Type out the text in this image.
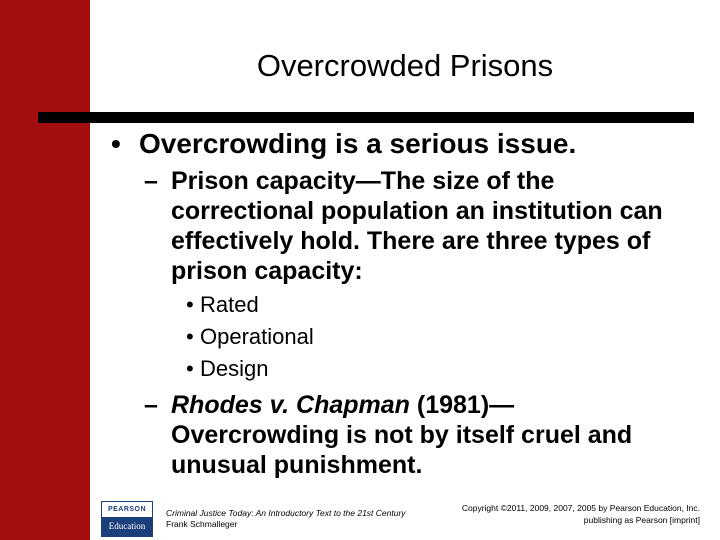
Overcrowded Prisons
• Overcrowding is a serious issue.
– Prison capacity—The size of the correctional population an institution can effectively hold. There are three types of prison capacity:
• Rated
• Operational
• Design
– Rhodes v. Chapman (1981)— Overcrowding is not by itself cruel and unusual punishment.
PEARSON
Education
Criminal Justice Today: An Introductory Text to the 21st Century
Frank Schmalleger
Copyright ©2011, 2009, 2007, 2005 by Pearson Education, Inc.
publishing as Pearson [imprint]
